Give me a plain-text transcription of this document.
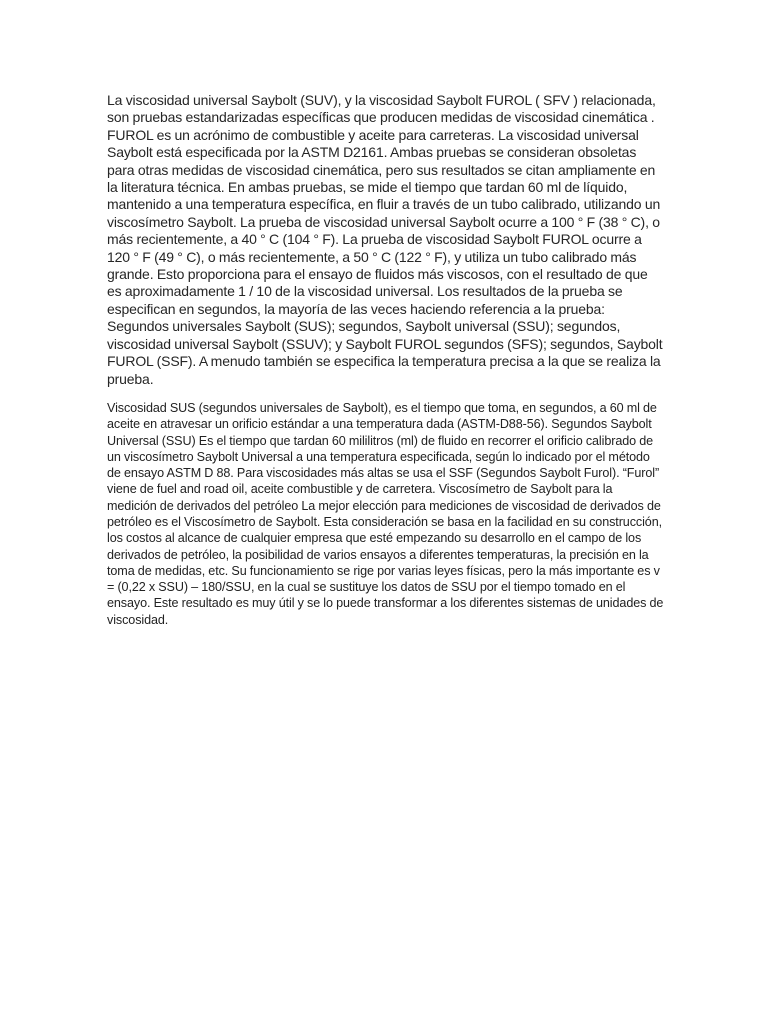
La viscosidad universal Saybolt (SUV), y la viscosidad Saybolt FUROL ( SFV ) relacionada, son pruebas estandarizadas específicas que producen medidas de viscosidad cinemática . FUROL es un acrónimo de combustible y aceite para carreteras. La viscosidad universal Saybolt está especificada por la ASTM D2161. Ambas pruebas se consideran obsoletas para otras medidas de viscosidad cinemática, pero sus resultados se citan ampliamente en la literatura técnica. En ambas pruebas, se mide el tiempo que tardan 60 ml de líquido, mantenido a una temperatura específica, en fluir a través de un tubo calibrado, utilizando un viscosímetro Saybolt. La prueba de viscosidad universal Saybolt ocurre a 100 ° F (38 ° C), o más recientemente, a 40 ° C (104 ° F). La prueba de viscosidad Saybolt FUROL ocurre a 120 ° F (49 ° C), o más recientemente, a 50 ° C (122 ° F), y utiliza un tubo calibrado más grande. Esto proporciona para el ensayo de fluidos más viscosos, con el resultado de que es aproximadamente 1 / 10 de la viscosidad universal. Los resultados de la prueba se especifican en segundos, la mayoría de las veces haciendo referencia a la prueba: Segundos universales Saybolt (SUS); segundos, Saybolt universal (SSU); segundos, viscosidad universal Saybolt (SSUV); y Saybolt FUROL segundos (SFS); segundos, Saybolt FUROL (SSF). A menudo también se especifica la temperatura precisa a la que se realiza la prueba.

Viscosidad SUS (segundos universales de Saybolt), es el tiempo que toma, en segundos, a 60 ml de aceite en atravesar un orificio estándar a una temperatura dada (ASTM-D88-56). Segundos Saybolt Universal (SSU) Es el tiempo que tardan 60 mililitros (ml) de fluido en recorrer el orificio calibrado de un viscosímetro Saybolt Universal a una temperatura especificada, según lo indicado por el método de ensayo ASTM D 88. Para viscosidades más altas se usa el SSF (Segundos Saybolt Furol). “Furol” viene de fuel and road oil, aceite combustible y de carretera. Viscosímetro de Saybolt para la medición de derivados del petróleo La mejor elección para mediciones de viscosidad de derivados de petróleo es el Viscosímetro de Saybolt. Esta consideración se basa en la facilidad en su construcción, los costos al alcance de cualquier empresa que esté empezando su desarrollo en el campo de los derivados de petróleo, la posibilidad de varios ensayos a diferentes temperaturas, la precisión en la toma de medidas, etc. Su funcionamiento se rige por varias leyes físicas, pero la más importante es v = (0,22 x SSU) – 180/SSU, en la cual se sustituye los datos de SSU por el tiempo tomado en el ensayo. Este resultado es muy útil y se lo puede transformar a los diferentes sistemas de unidades de viscosidad.
